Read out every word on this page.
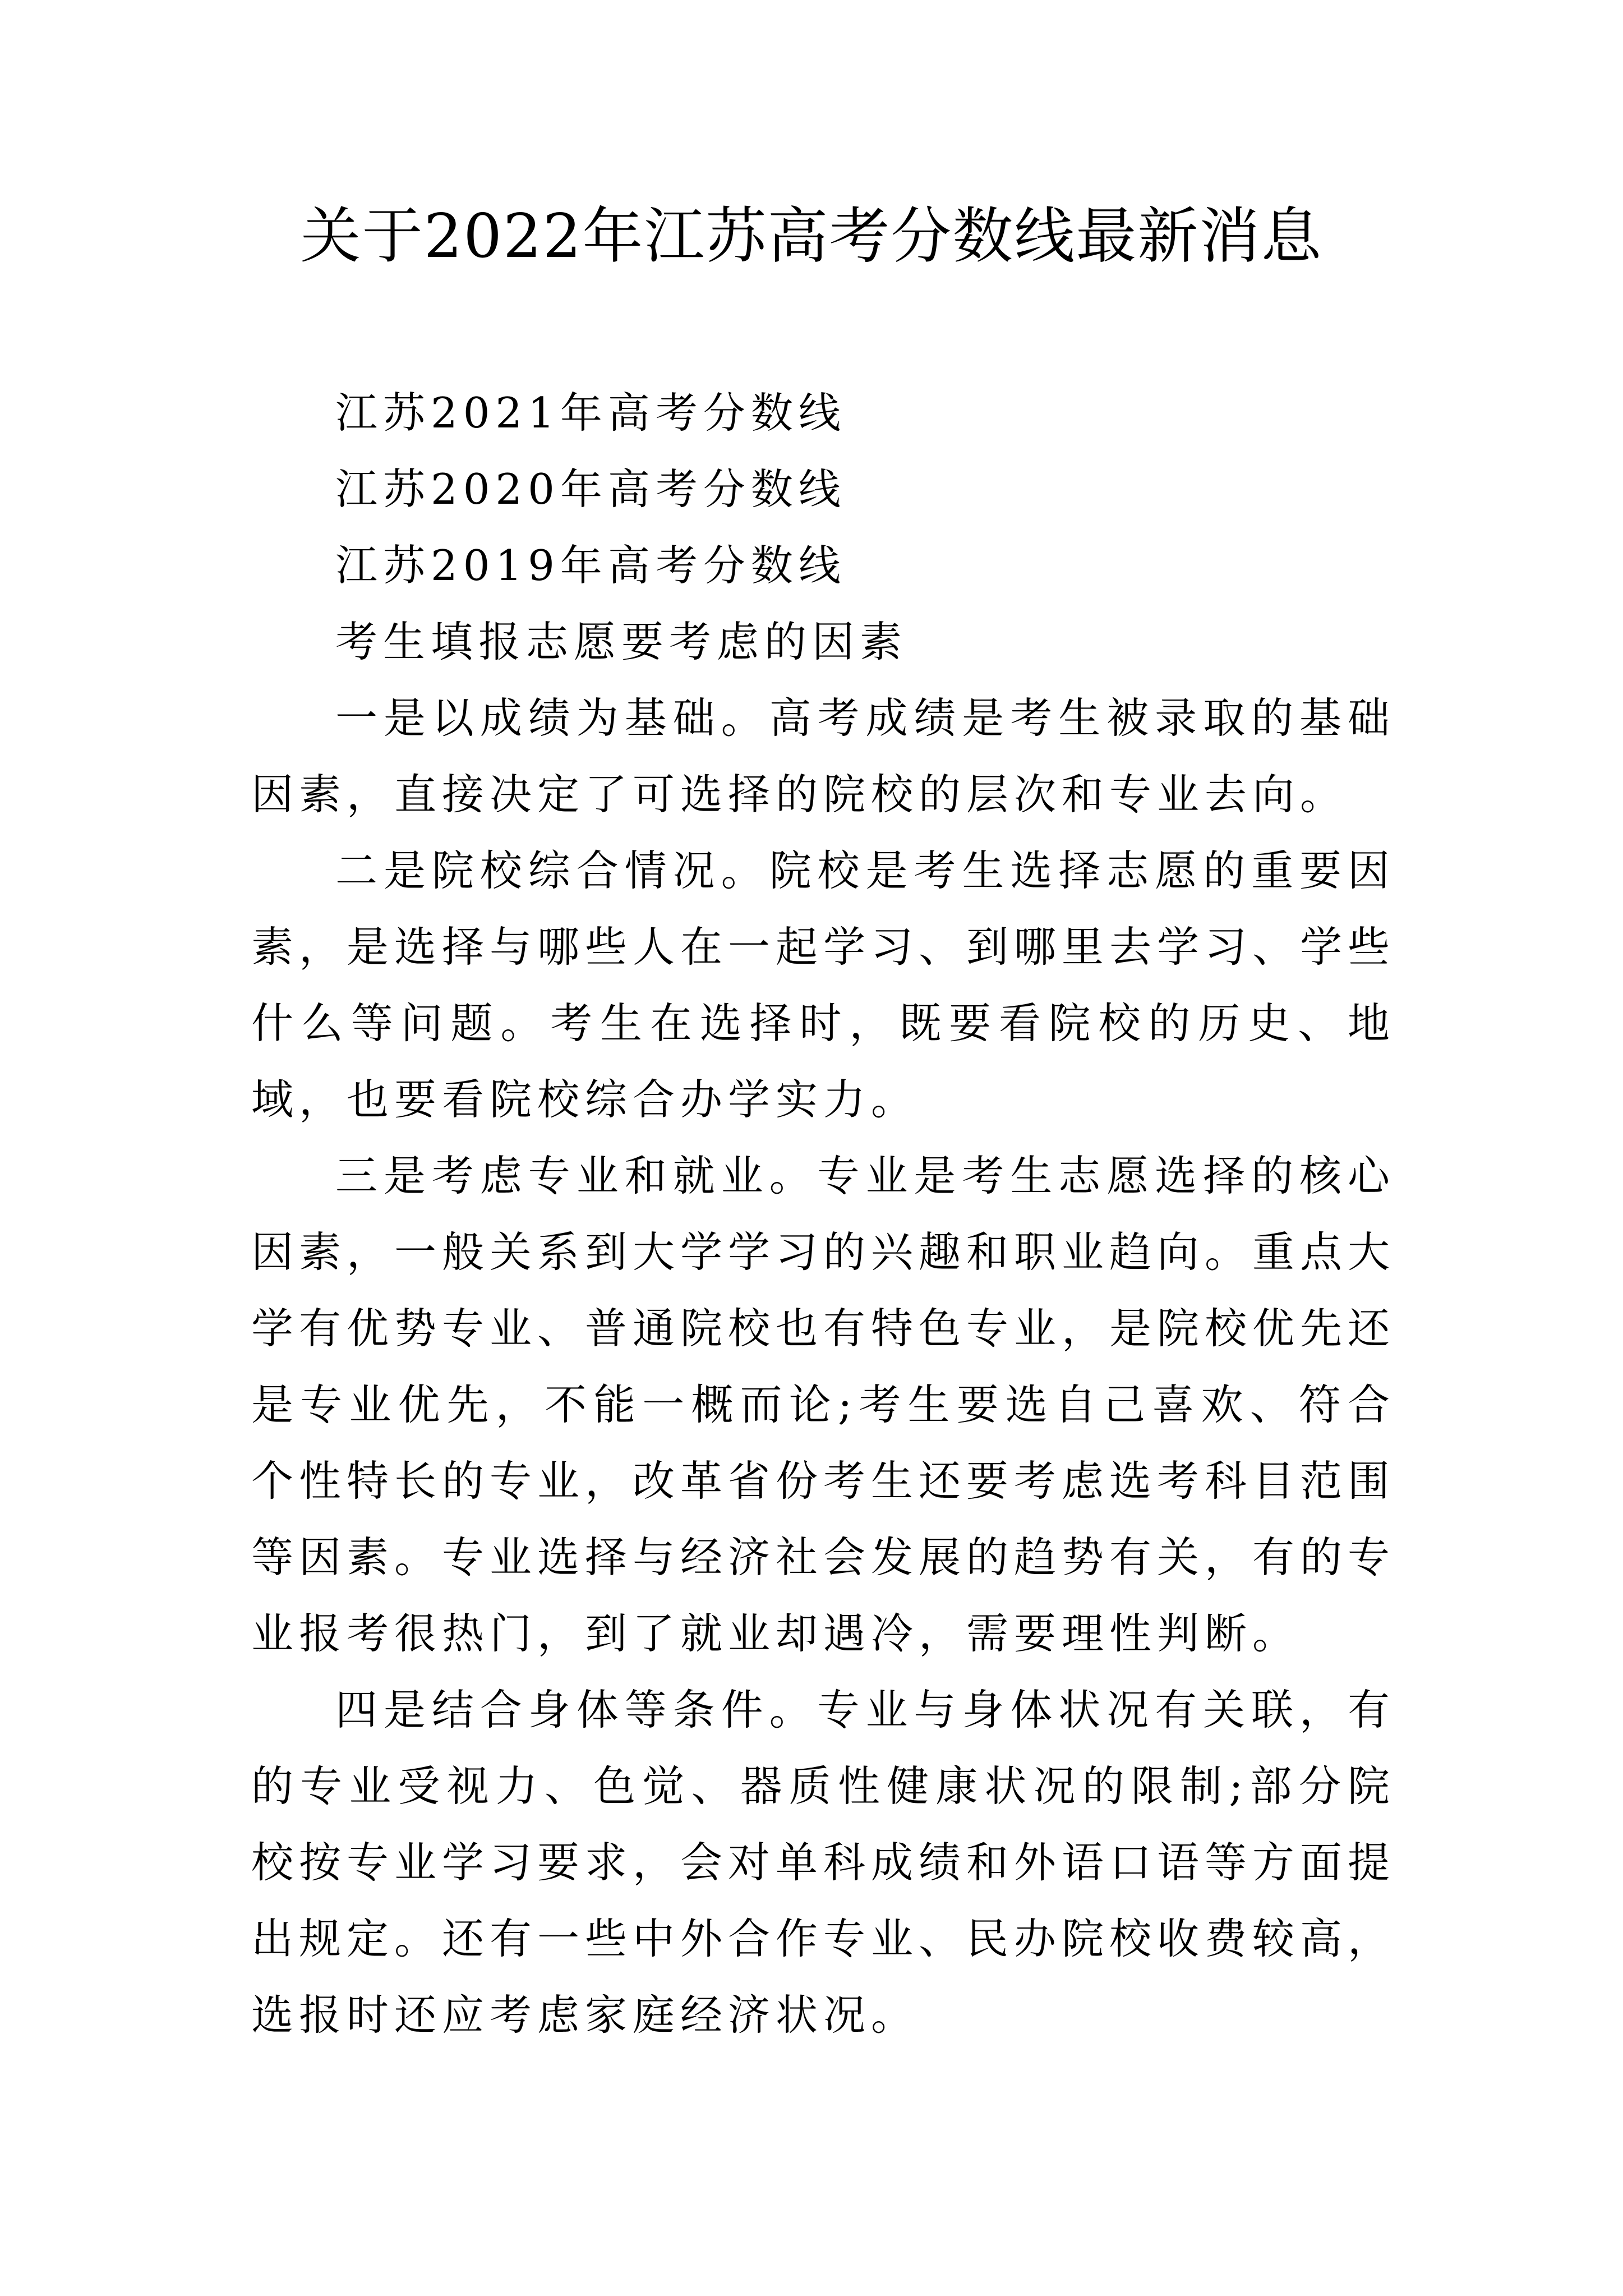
关于2022年江苏高考分数线最新消息

江苏2021年高考分数线

江苏2020年高考分数线

江苏2019年高考分数线

考生填报志愿要考虑的因素

一是以成绩为基础。高考成绩是考生被录取的基础因素，直接决定了可选择的院校的层次和专业去向。

二是院校综合情况。院校是考生选择志愿的重要因素，是选择与哪些人在一起学习、到哪里去学习、学些什么等问题。考生在选择时，既要看院校的历史、地域，也要看院校综合办学实力。

三是考虑专业和就业。专业是考生志愿选择的核心因素，一般关系到大学学习的兴趣和职业趋向。重点大学有优势专业、普通院校也有特色专业，是院校优先还是专业优先，不能一概而论;考生要选自己喜欢、符合个性特长的专业，改革省份考生还要考虑选考科目范围等因素。专业选择与经济社会发展的趋势有关，有的专业报考很热门，到了就业却遇冷，需要理性判断。

四是结合身体等条件。专业与身体状况有关联，有的专业受视力、色觉、器质性健康状况的限制;部分院校按专业学习要求，会对单科成绩和外语口语等方面提出规定。还有一些中外合作专业、民办院校收费较高，选报时还应考虑家庭经济状况。
